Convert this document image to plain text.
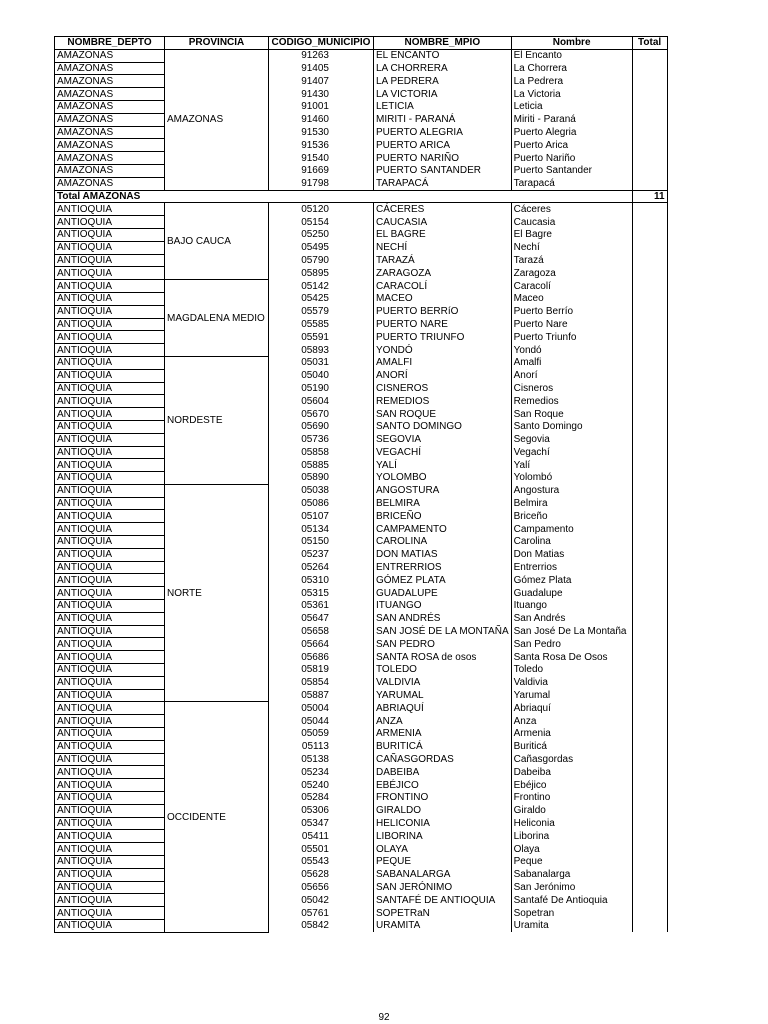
NOMBRE_DEPTO	PROVINCIA	CODIGO_MUNICIPIO	NOMBRE_MPIO	Nombre	Total
AMAZONAS	AMAZONAS	91263	EL ENCANTO	El Encanto	
AMAZONAS		91405	LA CHORRERA	La Chorrera	
AMAZONAS		91407	LA PEDRERA	La Pedrera	
AMAZONAS		91430	LA VICTORIA	La Victoria	
AMAZONAS		91001	LETICIA	Leticia	
AMAZONAS		91460	MIRITI - PARANÁ	Miriti - Paraná	
AMAZONAS		91530	PUERTO ALEGRIA	Puerto Alegria	
AMAZONAS		91536	PUERTO ARICA	Puerto Arica	
AMAZONAS		91540	PUERTO NARIÑO	Puerto Nariño	
AMAZONAS		91669	PUERTO SANTANDER	Puerto Santander	
AMAZONAS		91798	TARAPACÁ	Tarapacá	
Total AMAZONAS					11
ANTIOQUIA	BAJO CAUCA	05120	CÁCERES	Cáceres	
ANTIOQUIA		05154	CAUCASIA	Caucasia	
ANTIOQUIA		05250	EL BAGRE	El Bagre	
ANTIOQUIA		05495	NECHÍ	Nechí	
ANTIOQUIA		05790	TARAZÁ	Tarazá	
ANTIOQUIA		05895	ZARAGOZA	Zaragoza	
ANTIOQUIA	MAGDALENA MEDIO	05142	CARACOLÍ	Caracolí	
ANTIOQUIA		05425	MACEO	Maceo	
ANTIOQUIA		05579	PUERTO BERRíO	Puerto Berrío	
ANTIOQUIA		05585	PUERTO NARE	Puerto Nare	
ANTIOQUIA		05591	PUERTO TRIUNFO	Puerto Triunfo	
ANTIOQUIA		05893	YONDÓ	Yondó	
ANTIOQUIA	NORDESTE	05031	AMALFI	Amalfi	
ANTIOQUIA		05040	ANORÍ	Anorí	
ANTIOQUIA		05190	CISNEROS	Cisneros	
ANTIOQUIA		05604	REMEDIOS	Remedios	
ANTIOQUIA		05670	SAN ROQUE	San Roque	
ANTIOQUIA		05690	SANTO DOMINGO	Santo Domingo	
ANTIOQUIA		05736	SEGOVIA	Segovia	
ANTIOQUIA		05858	VEGACHÍ	Vegachí	
ANTIOQUIA		05885	YALÍ	Yalí	
ANTIOQUIA		05890	YOLOMBÓ	Yolombó	
ANTIOQUIA	NORTE	05038	ANGOSTURA	Angostura	
ANTIOQUIA		05086	BELMIRA	Belmira	
ANTIOQUIA		05107	BRICEÑO	Briceño	
ANTIOQUIA		05134	CAMPAMENTO	Campamento	
ANTIOQUIA		05150	CAROLINA	Carolina	
ANTIOQUIA		05237	DON MATIAS	Don Matias	
ANTIOQUIA		05264	ENTRERRIOS	Entrerrios	
ANTIOQUIA		05310	GÓMEZ PLATA	Gómez Plata	
ANTIOQUIA		05315	GUADALUPE	Guadalupe	
ANTIOQUIA		05361	ITUANGO	Ituango	
ANTIOQUIA		05647	SAN ANDRÉS	San Andrés	
ANTIOQUIA		05658	SAN JOSÉ DE LA MONTAÑA	San José De La Montaña	
ANTIOQUIA		05664	SAN PEDRO	San Pedro	
ANTIOQUIA		05686	SANTA ROSA de osos	Santa Rosa De Osos	
ANTIOQUIA		05819	TOLEDO	Toledo	
ANTIOQUIA		05854	VALDIVIA	Valdivia	
ANTIOQUIA		05887	YARUMAL	Yarumal	
ANTIOQUIA	OCCIDENTE	05004	ABRIAQUÍ	Abriaquí	
ANTIOQUIA		05044	ANZA	Anza	
ANTIOQUIA		05059	ARMENIA	Armenia	
ANTIOQUIA		05113	BURITICÁ	Buriticá	
ANTIOQUIA		05138	CAÑASGORDAS	Cañasgordas	
ANTIOQUIA		05234	DABEIBA	Dabeiba	
ANTIOQUIA		05240	EBÉJICO	Ebéjico	
ANTIOQUIA		05284	FRONTINO	Frontino	
ANTIOQUIA		05306	GIRALDO	Giraldo	
ANTIOQUIA		05347	HELICONIA	Heliconia	
ANTIOQUIA		05411	LIBORINA	Liborina	
ANTIOQUIA		05501	OLAYA	Olaya	
ANTIOQUIA		05543	PEQUE	Peque	
ANTIOQUIA		05628	SABANALARGA	Sabanalarga	
ANTIOQUIA		05656	SAN JERÓNIMO	San Jerónimo	
ANTIOQUIA		05042	SANTAFÉ DE ANTIOQUIA	Santafé De Antioquia	
ANTIOQUIA		05761	SOPETRaN	Sopetran	
ANTIOQUIA		05842	URAMITA	Uramita	
92
